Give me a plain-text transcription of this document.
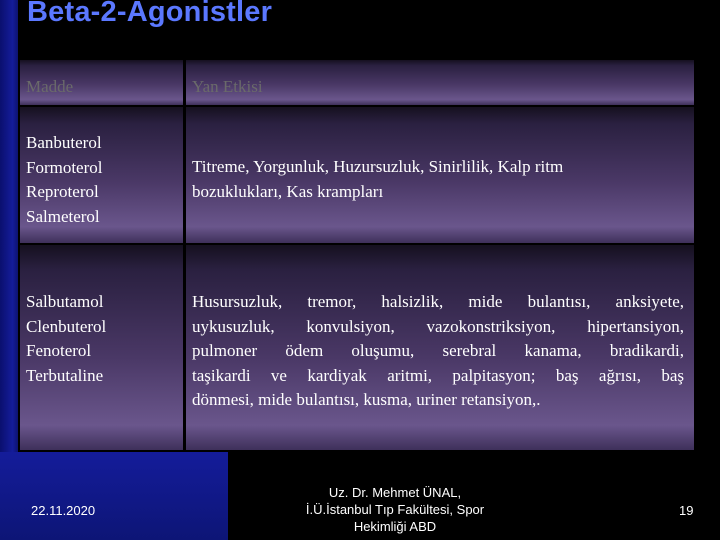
Beta-2-Agonistler
Madde	Yan Etkisi
Banbuterol
Formoterol
Reproterol
Salmeterol
Titreme, Yorgunluk, Huzursuzluk, Sinirlilik, Kalp ritm
bozuklukları, Kas krampları
Salbutamol
Clenbuterol
Fenoterol
Terbutaline
Husursuzluk, tremor, halsizlik, mide bulantısı, anksiyete,
uykusuzluk, konvulsiyon, vazokonstriksiyon, hipertansiyon,
pulmoner ödem oluşumu, serebral kanama, bradikardi,
taşikardi ve kardiyak aritmi, palpitasyon; baş ağrısı, baş
dönmesi, mide bulantısı, kusma, uriner retansiyon,.
22.11.2020
Uz. Dr. Mehmet ÜNAL,
İ.Ü.İstanbul Tıp Fakültesi, Spor
Hekimliği ABD
19
